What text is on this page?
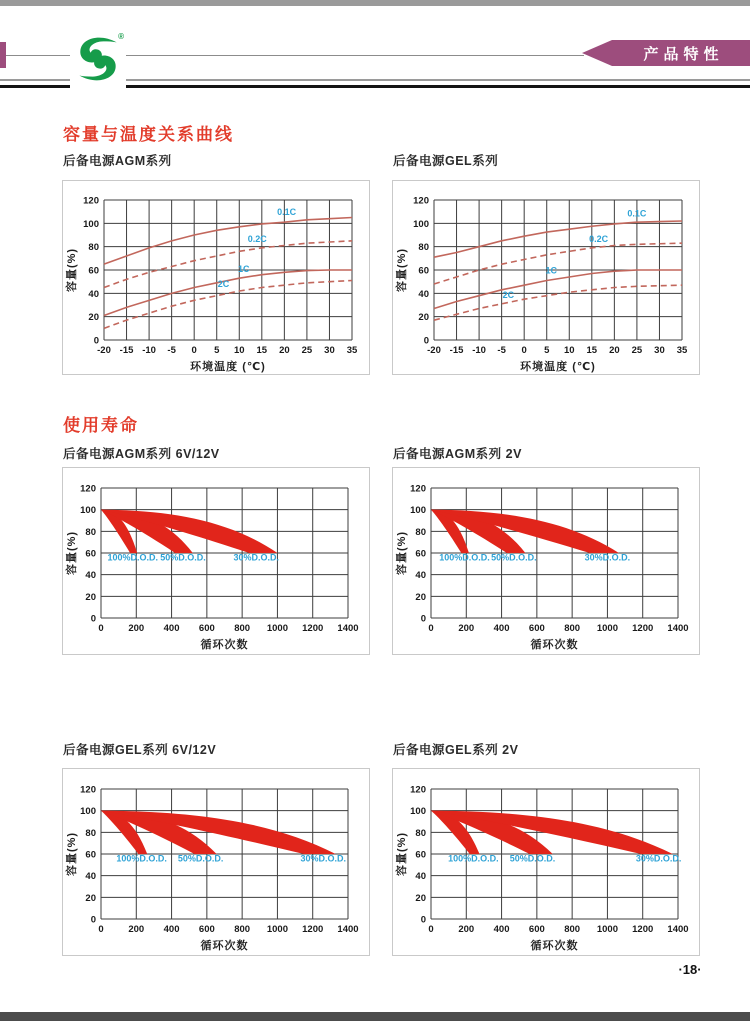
®
产品特性
容量与温度关系曲线
后备电源AGM系列	后备电源GEL系列
-20 -15 -10 -5 0 5 10 15 20 25 30 35
0
20
40
60
80
100
120
0.1C
0.2C
1C
2C
环境温度 (℃)
容量(%)
-20 -15 -10 -5 0 5 10 15 20 25 30 35
0
20
40
60
80
100
120
0.1C
0.2C
1C
2C
环境温度 (℃)
容量(%)
使用寿命
后备电源AGM系列 6V/12V	后备电源AGM系列 2V
0	200 400 600 800 1000 1200 1400
0
20
40
60
80
100
120
100%D.O.D. 50%D.O.D.	30%D.O.D.
循环次数
容量(%)
0	200 400 600 800 1000 1200 1400
0
20
40
60
80
100
120
100%D.O.D. 50%D.O.D.	30%D.O.D.
循环次数
容量(%)
后备电源GEL系列 6V/12V	后备电源GEL系列 2V
0	200 400 600 800 1000 1200 1400
0
20
40
60
80
100
120
100%D.O.D. 50%D.O.D.	30%D.O.D.
循环次数
容量(%)
0	200 400 600 800 1000 1200 1400
0
20
40
60
80
100
120
100%D.O.D. 50%D.O.D.	30%D.O.D.
循环次数
容量(%)
·18·
